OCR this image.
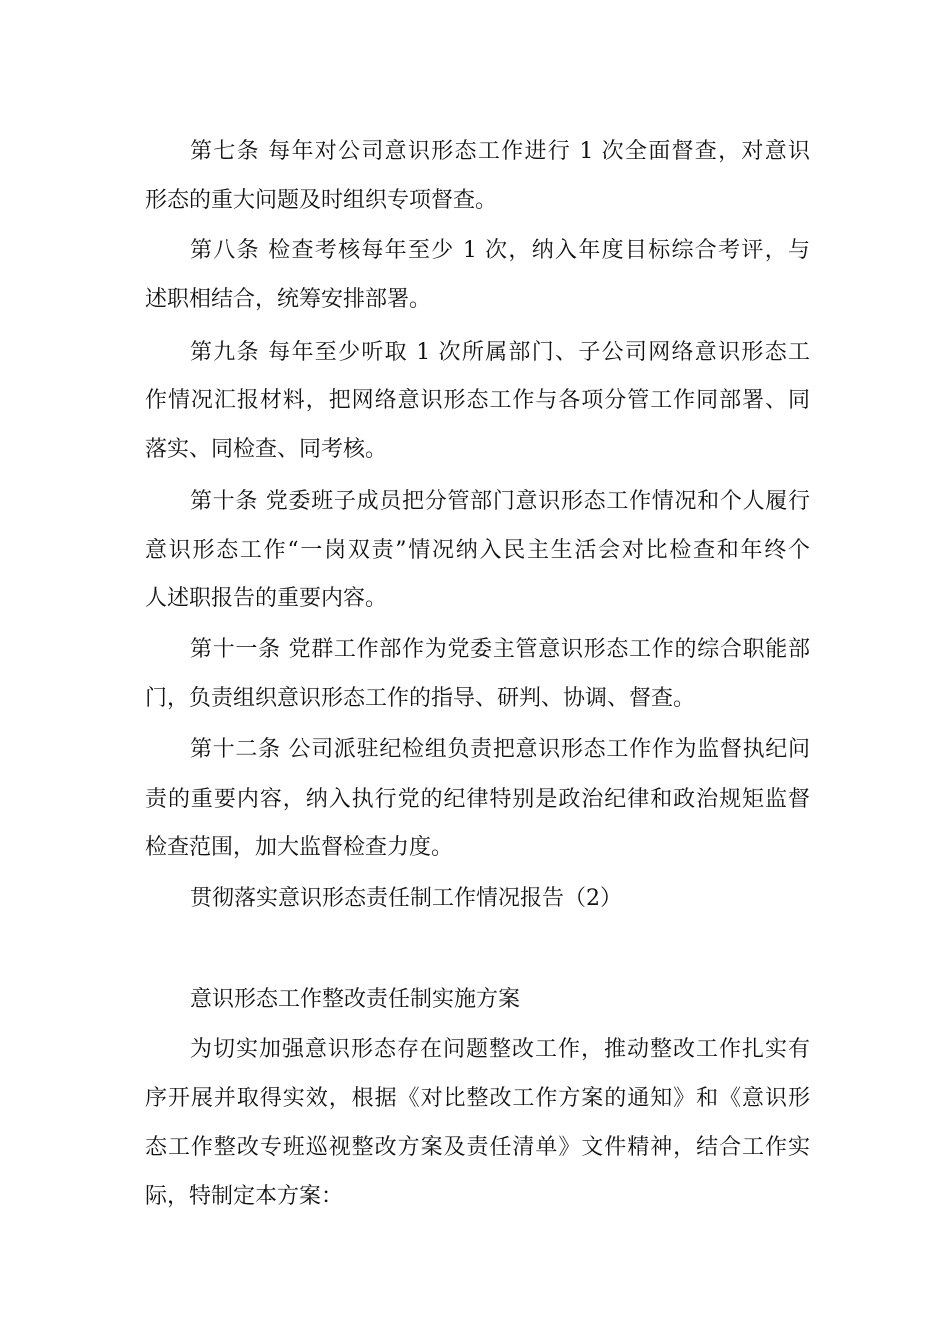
第七条 每年对公司意识形态工作进行 1 次全面督查，对意识
形态的重大问题及时组织专项督查。
第八条 检查考核每年至少 1 次，纳入年度目标综合考评，与
述职相结合，统筹安排部署。
第九条 每年至少听取 1 次所属部门、子公司网络意识形态工
作情况汇报材料，把网络意识形态工作与各项分管工作同部署、同
落实、同检查、同考核。
第十条 党委班子成员把分管部门意识形态工作情况和个人履行
意识形态工作“一岗双责”情况纳入民主生活会对比检查和年终个
人述职报告的重要内容。
第十一条 党群工作部作为党委主管意识形态工作的综合职能部
门，负责组织意识形态工作的指导、研判、协调、督查。
第十二条 公司派驻纪检组负责把意识形态工作作为监督执纪问
责的重要内容，纳入执行党的纪律特别是政治纪律和政治规矩监督
检查范围，加大监督检查力度。
贯彻落实意识形态责任制工作情况报告（2）
意识形态工作整改责任制实施方案
为切实加强意识形态存在问题整改工作，推动整改工作扎实有
序开展并取得实效，根据《对比整改工作方案的通知》和《意识形
态工作整改专班巡视整改方案及责任清单》文件精神，结合工作实
际，特制定本方案：
